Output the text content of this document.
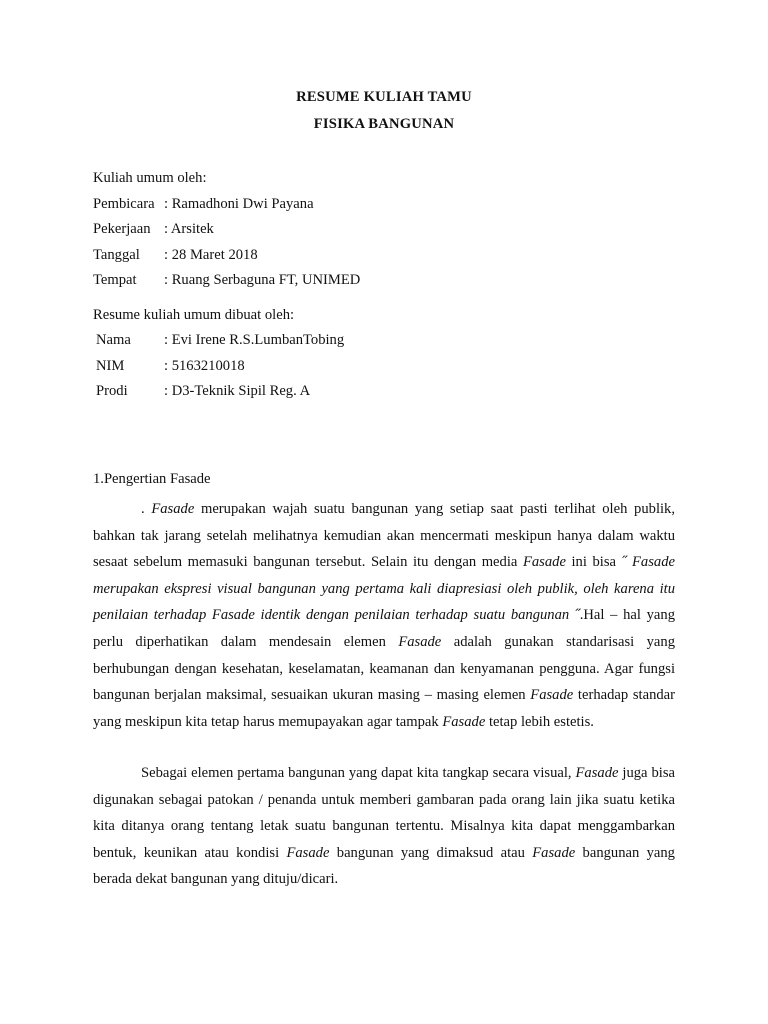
RESUME KULIAH TAMU
FISIKA BANGUNAN
Kuliah umum oleh:
Pembicara : Ramadhoni Dwi Payana
Pekerjaan : Arsitek
Tanggal : 28 Maret 2018
Tempat : Ruang Serbaguna FT, UNIMED
Resume kuliah umum dibuat oleh:
Nama : Evi Irene R.S.LumbanTobing
NIM	: 5163210018
Prodi : D3-Teknik Sipil Reg. A
1.Pengertian Fasade
. Fasade merupakan wajah suatu bangunan yang setiap saat pasti terlihat oleh publik, bahkan tak jarang setelah melihatnya kemudian akan mencermati meskipun hanya dalam waktu sesaat sebelum memasuki bangunan tersebut. Selain itu dengan media Fasade ini bisa ˝ Fasade merupakan ekspresi visual bangunan yang pertama kali diapresiasi oleh publik, oleh karena itu penilaian terhadap Fasade identik dengan penilaian terhadap suatu bangunan ˝.Hal – hal yang perlu diperhatikan dalam mendesain elemen Fasade adalah gunakan standarisasi yang berhubungan dengan kesehatan, keselamatan, keamanan dan kenyamanan pengguna. Agar fungsi bangunan berjalan maksimal, sesuaikan ukuran masing – masing elemen Fasade terhadap standar yang meskipun kita tetap harus memupayakan agar tampak Fasade tetap lebih estetis.
Sebagai elemen pertama bangunan yang dapat kita tangkap secara visual, Fasade juga bisa digunakan sebagai patokan / penanda untuk memberi gambaran pada orang lain jika suatu ketika kita ditanya orang tentang letak suatu bangunan tertentu. Misalnya kita dapat menggambarkan bentuk, keunikan atau kondisi Fasade bangunan yang dimaksud atau Fasade bangunan yang berada dekat bangunan yang dituju/dicari.
